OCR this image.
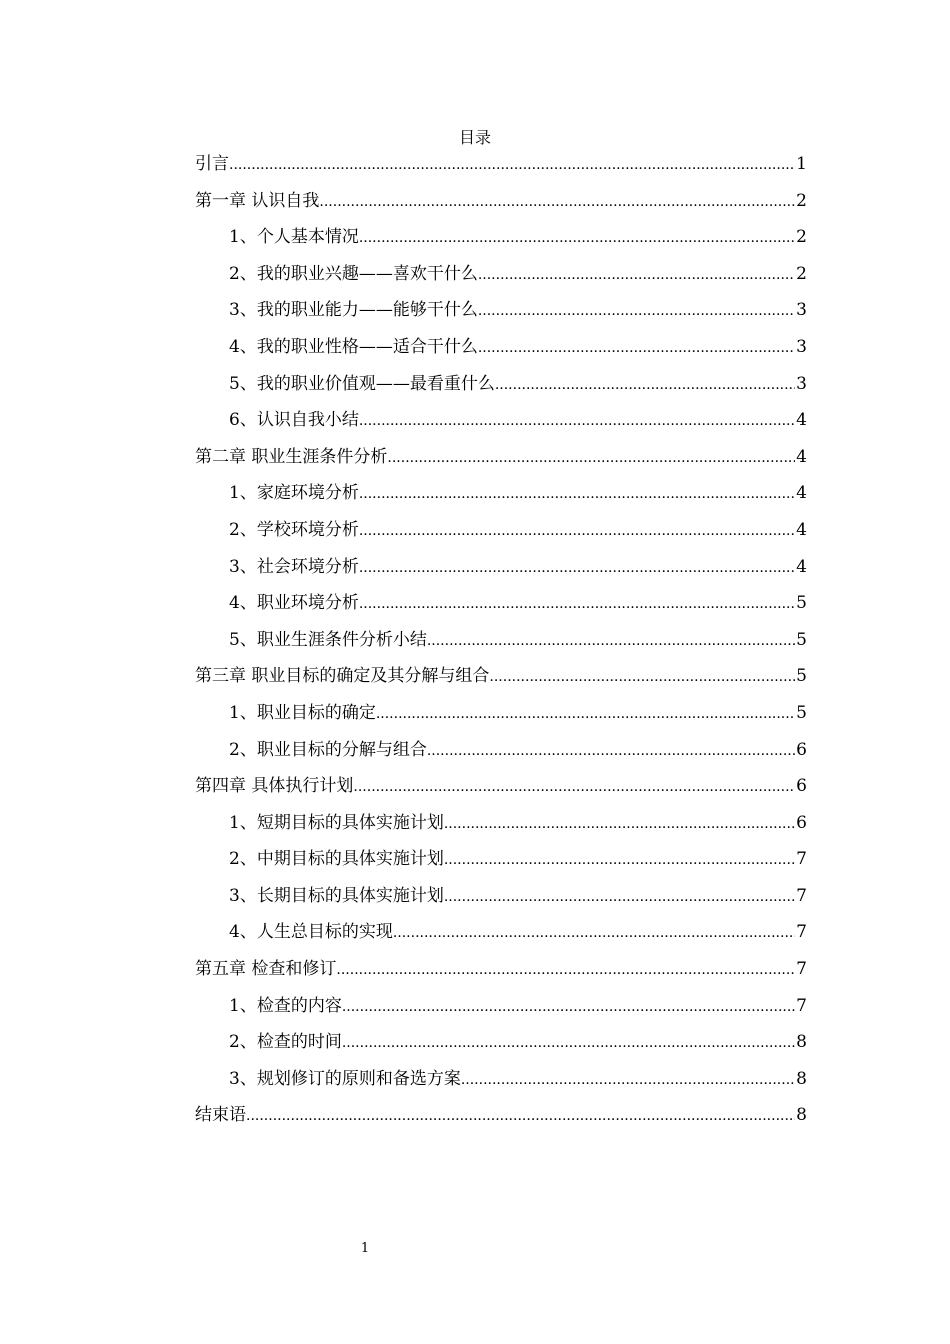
目录
引言 .....	1
第一章 认识自我 .....	2
1、个人基本情况 .....	2
2、我的职业兴趣——喜欢干什么 .....	2
3、我的职业能力——能够干什么 .....	3
4、我的职业性格——适合干什么 .....	3
5、我的职业价值观——最看重什么 .....	3
6、认识自我小结 .....	4
第二章 职业生涯条件分析 .....	4
1、家庭环境分析 .....	4
2、学校环境分析 .....	4
3、社会环境分析 .....	4
4、职业环境分析 .....	5
5、职业生涯条件分析小结 .....	5
第三章 职业目标的确定及其分解与组合 .....	5
1、职业目标的确定 .....	5
2、职业目标的分解与组合 .....	6
第四章 具体执行计划 .....	6
1、短期目标的具体实施计划 .....	6
2、中期目标的具体实施计划 .....	7
3、长期目标的具体实施计划 .....	7
4、人生总目标的实现 .....	7
第五章 检查和修订 .....	7
1、检查的内容 .....	7
2、检查的时间 .....	8
3、规划修订的原则和备选方案 .....	8
结束语 .....	8
1
